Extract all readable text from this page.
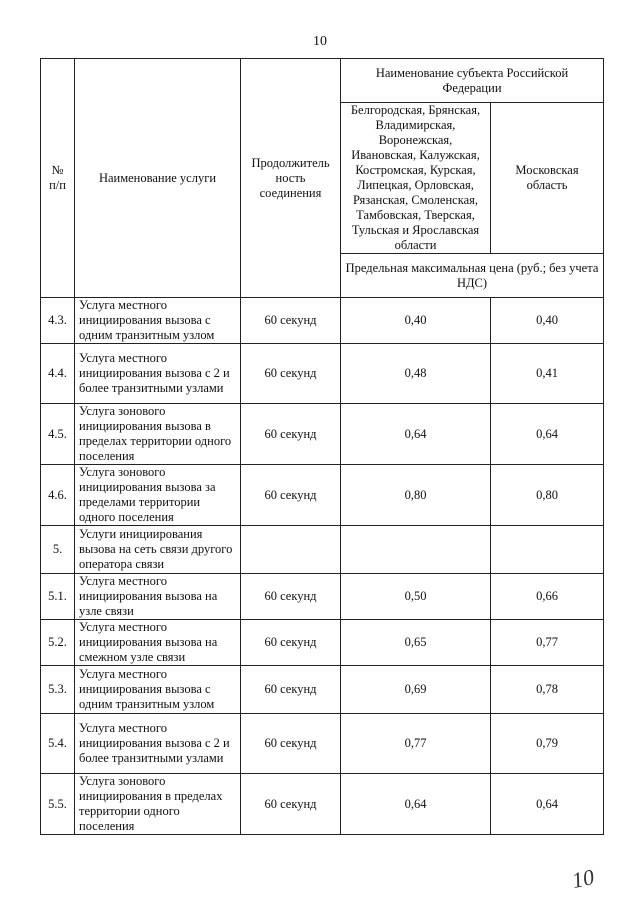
10
№ п/п	Наименование услуги	Продолжитель ность соединения	Наименование субъекта Российской Федерации	
			Белгородская, Брянская, Владимирская, Воронежская, Ивановская, Калужская, Костромская, Курская, Липецкая, Орловская, Рязанская, Смоленская, Тамбовская, Тверская, Тульская и Ярославская области	Московская область
			Предельная максимальная цена (руб.; без учета НДС)	
4.3.	Услуга местного инициирования вызова с одним транзитным узлом	60 секунд	0,40	0,40
4.4.	Услуга местного инициирования вызова с 2 и более транзитными узлами	60 секунд	0,48	0,41
4.5.	Услуга зонового инициирования вызова в пределах территории одного поселения	60 секунд	0,64	0,64
4.6.	Услуга зонового инициирования вызова за пределами территории одного поселения	60 секунд	0,80	0,80
5.	Услуги инициирования вызова на сеть связи другого оператора связи			
5.1.	Услуга местного инициирования вызова на узле связи	60 секунд	0,50	0,66
5.2.	Услуга местного инициирования вызова на смежном узле связи	60 секунд	0,65	0,77
5.3.	Услуга местного инициирования вызова с одним транзитным узлом	60 секунд	0,69	0,78
5.4.	Услуга местного инициирования вызова с 2 и более транзитными узлами	60 секунд	0,77	0,79
5.5.	Услуга зонового инициирования в пределах территории одного поселения	60 секунд	0,64	0,64
10
